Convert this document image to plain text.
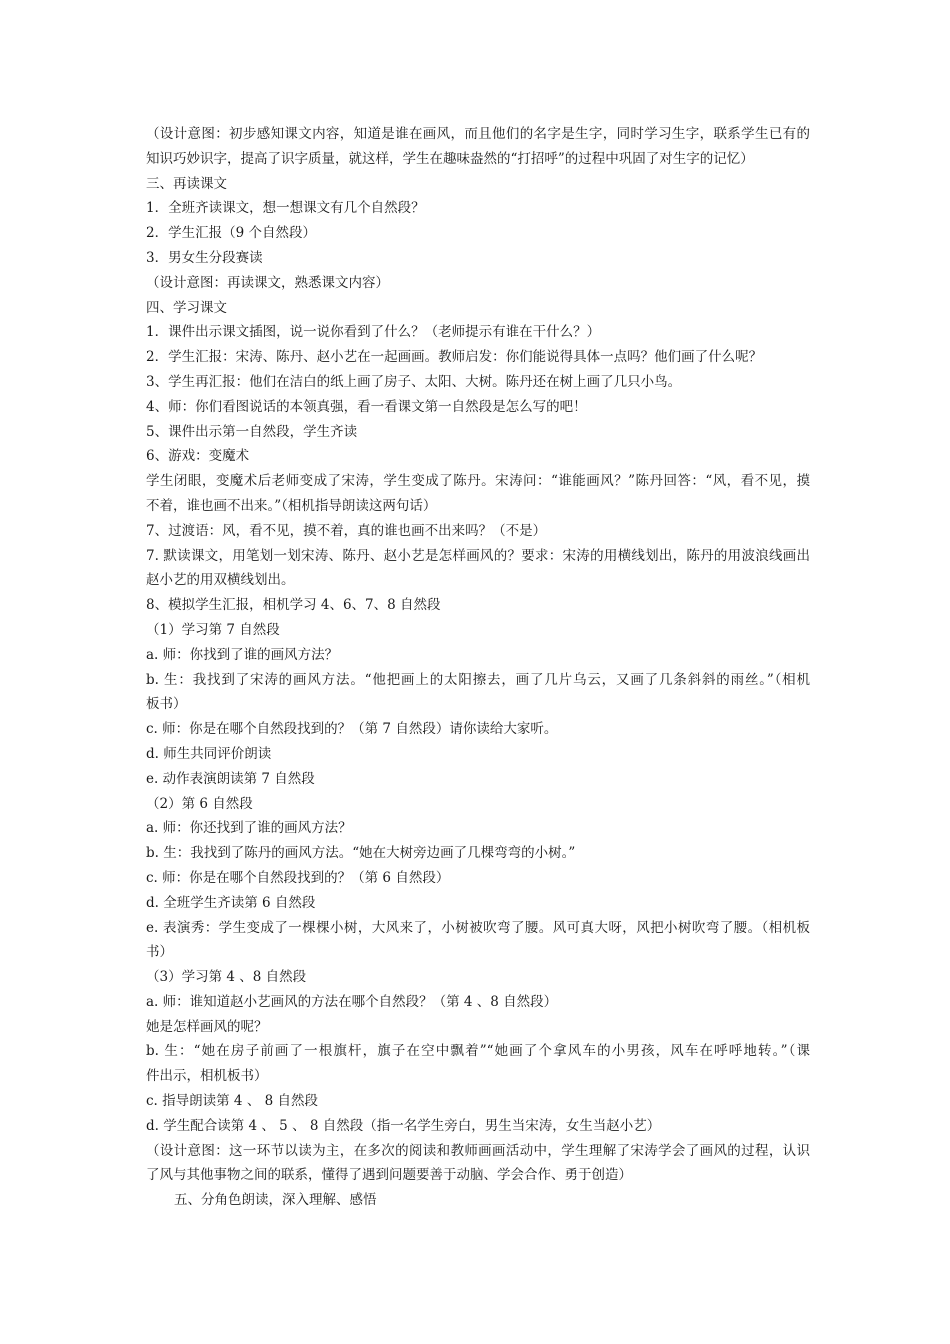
（设计意图：初步感知课文内容，知道是谁在画风，而且他们的名字是生字，同时学习生字，联系学生已有的
知识巧妙识字，提高了识字质量，就这样，学生在趣味盎然的“打招呼”的过程中巩固了对生字的记忆）
三、再读课文
1．全班齐读课文，想一想课文有几个自然段？
2．学生汇报（9 个自然段）
3．男女生分段赛读
（设计意图：再读课文，熟悉课文内容）
四、学习课文
1．课件出示课文插图，说一说你看到了什么？（老师提示有谁在干什么？）
2．学生汇报：宋涛、陈丹、赵小艺在一起画画。教师启发：你们能说得具体一点吗？他们画了什么呢？
3、学生再汇报：他们在洁白的纸上画了房子、太阳、大树。陈丹还在树上画了几只小鸟。
4、师：你们看图说话的本领真强，看一看课文第一自然段是怎么写的吧！
5、课件出示第一自然段，学生齐读
6、游戏：变魔术
学生闭眼，变魔术后老师变成了宋涛，学生变成了陈丹。宋涛问：“谁能画风？”陈丹回答：“风，看不见，摸
不着，谁也画不出来。”（相机指导朗读这两句话）
7、过渡语：风，看不见，摸不着，真的谁也画不出来吗？（不是）
7. 默读课文，用笔划一划宋涛、陈丹、赵小艺是怎样画风的？要求：宋涛的用横线划出，陈丹的用波浪线画出
赵小艺的用双横线划出。
8、模拟学生汇报，相机学习 4、6、7、8 自然段
（1）学习第 7 自然段
a. 师：你找到了谁的画风方法？
b. 生：我找到了宋涛的画风方法。“他把画上的太阳擦去，画了几片乌云，又画了几条斜斜的雨丝。”（相机
板书）
c. 师：你是在哪个自然段找到的？（第 7 自然段）请你读给大家听。
d. 师生共同评价朗读
e. 动作表演朗读第 7 自然段
（2）第 6 自然段
a. 师：你还找到了谁的画风方法？
b. 生：我找到了陈丹的画风方法。“她在大树旁边画了几棵弯弯的小树。”
c. 师：你是在哪个自然段找到的？（第 6 自然段）
d. 全班学生齐读第 6 自然段
e. 表演秀：学生变成了一棵棵小树，大风来了，小树被吹弯了腰。风可真大呀，风把小树吹弯了腰。（相机板
书）
（3）学习第 4 、8 自然段
a. 师：谁知道赵小艺画风的方法在哪个自然段？（第 4 、8 自然段）
她是怎样画风的呢？
b. 生：“她在房子前画了一根旗杆，旗子在空中飘着”“她画了个拿风车的小男孩，风车在呼呼地转。”（课
件出示，相机板书）
c. 指导朗读第 4 、 8 自然段
d. 学生配合读第 4 、 5 、 8 自然段（指一名学生旁白，男生当宋涛，女生当赵小艺）
（设计意图：这一环节以读为主，在多次的阅读和教师画画活动中，学生理解了宋涛学会了画风的过程，认识
了风与其他事物之间的联系，懂得了遇到问题要善于动脑、学会合作、勇于创造）
五、分角色朗读，深入理解、感悟
